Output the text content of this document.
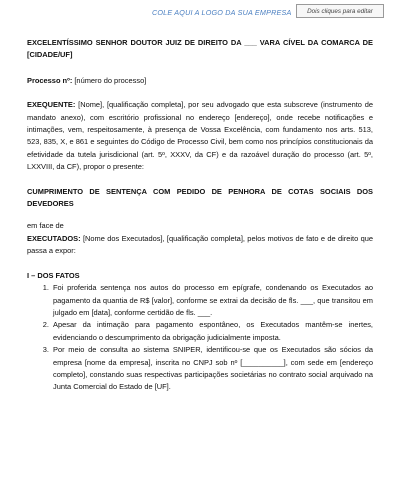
COLE AQUI A LOGO DA SUA EMPRESA	Dois cliques para editar

EXCELENTÍSSIMO SENHOR DOUTOR JUIZ DE DIREITO DA ___ VARA CÍVEL DA COMARCA DE [CIDADE/UF]

Processo nº: [número do processo]

EXEQUENTE: [Nome], [qualificação completa], por seu advogado que esta subscreve (instrumento de mandato anexo), com escritório profissional no endereço [endereço], onde recebe notificações e intimações, vem, respeitosamente, à presença de Vossa Excelência, com fundamento nos arts. 513, 523, 835, X, e 861 e seguintes do Código de Processo Civil, bem como nos princípios constitucionais da efetividade da tutela jurisdicional (art. 5º, XXXV, da CF) e da razoável duração do processo (art. 5º, LXXVIII, da CF), propor o presente:

CUMPRIMENTO DE SENTENÇA COM PEDIDO DE PENHORA DE COTAS SOCIAIS DOS DEVEDORES

em face de

EXECUTADOS: [Nome dos Executados], [qualificação completa], pelos motivos de fato e de direito que passa a expor:

I – DOS FATOS

1. Foi proferida sentença nos autos do processo em epígrafe, condenando os Executados ao pagamento da quantia de R$ [valor], conforme se extrai da decisão de fls. ___, que transitou em julgado em [data], conforme certidão de fls. ___.
2. Apesar da intimação para pagamento espontâneo, os Executados mantêm-se inertes, evidenciando o descumprimento da obrigação judicialmente imposta.
3. Por meio de consulta ao sistema SNIPER, identificou-se que os Executados são sócios da empresa [nome da empresa], inscrita no CNPJ sob nº [__________], com sede em [endereço completo], constando suas respectivas participações societárias no contrato social arquivado na Junta Comercial do Estado de [UF].
